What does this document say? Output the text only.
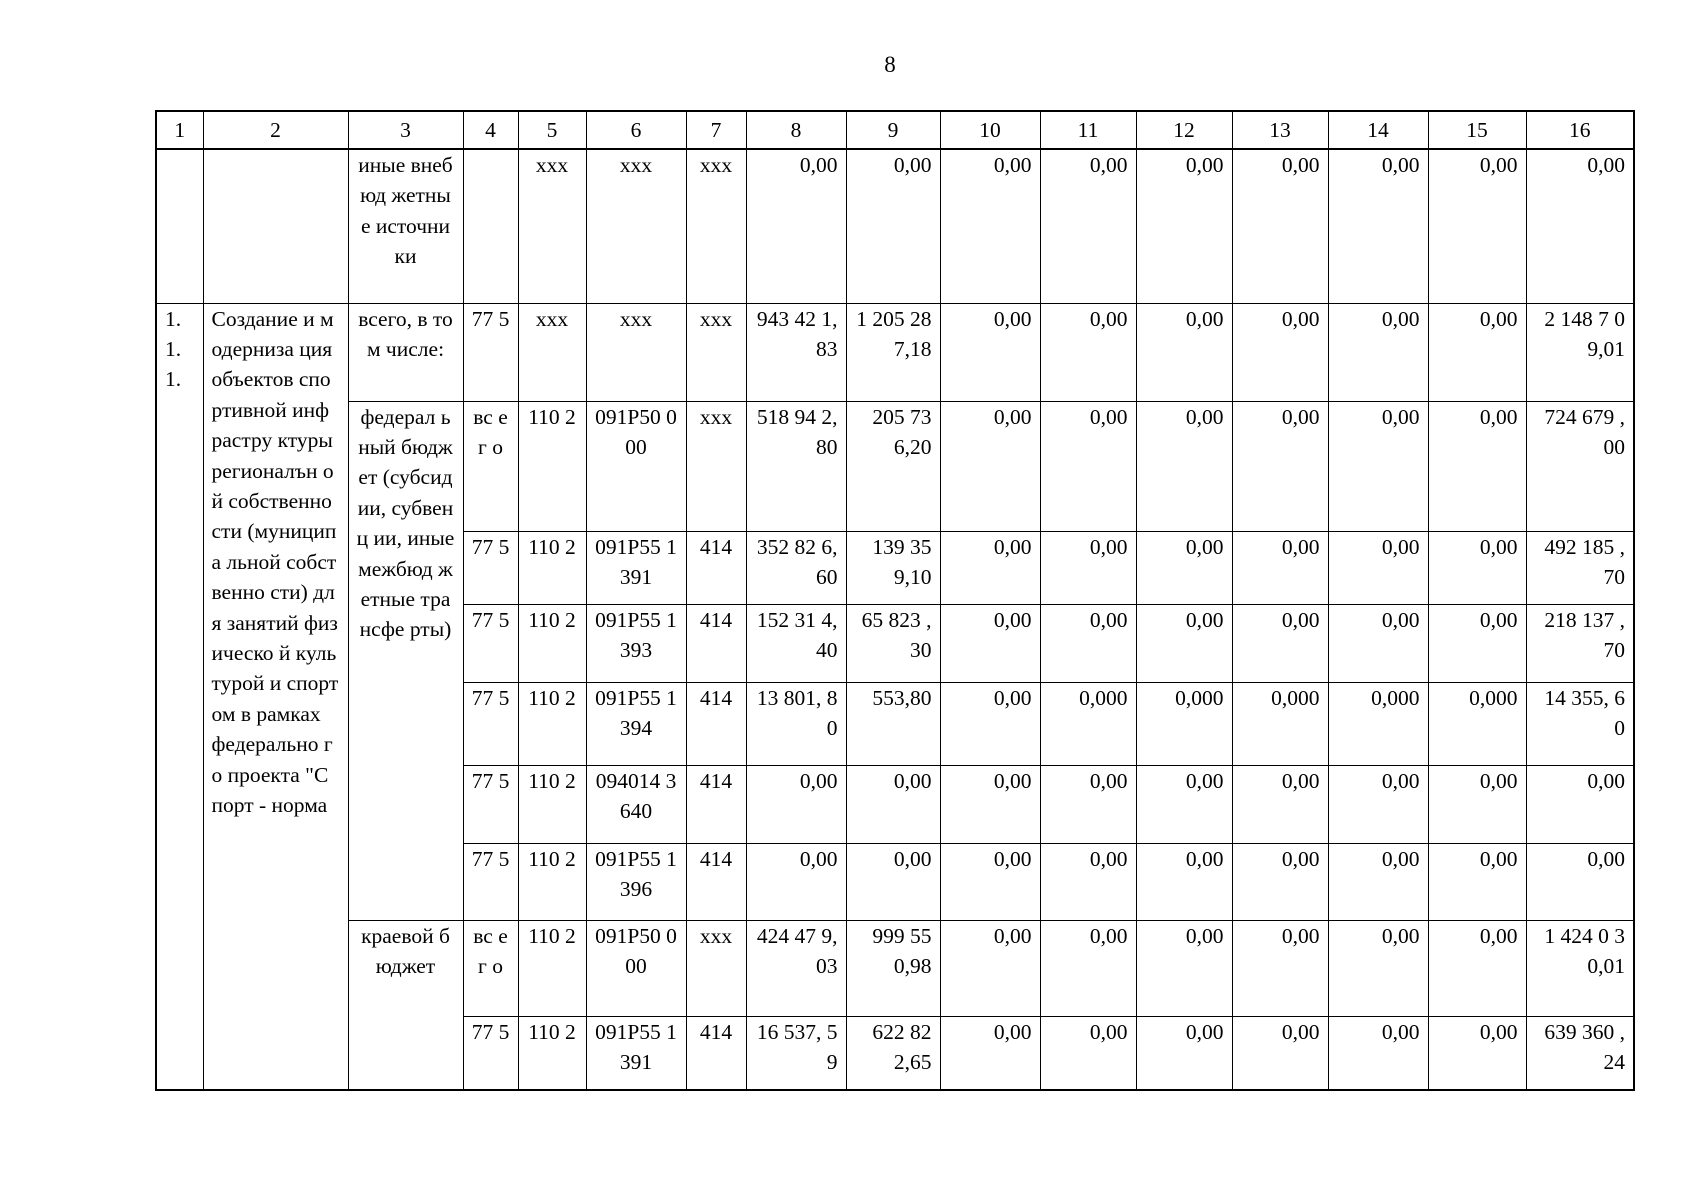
8
1	2	3	4	5	6	7	8	9	10	11	12	13	14	15	16
		иные внебюд жетные источни ки		ххх	ххх	ххх	0,00	0,00	0,00	0,00	0,00	0,00	0,00	0,00	0,00
1. 1. 1.	Создание и модерниза ция объектов спортивной инфрастру ктуры регионалън ой собственно сти (муниципа льной собственно сти) для занятий физическо й культурой и спортом в рамках федерально го проекта "Спорт - норма	всего, в том числе:	77 5	ххх	ххх	ххх	943 42 1,83	1 205 287,18	0,00	0,00	0,00	0,00	0,00	0,00	2 148 7 09,01
		федерал ьный бюджет (субсид ии, субвенц ии, иные межбюд жетные трансфе рты)	вс ег о	110 2	091P50 000	ххх	518 94 2,80	205 73 6,20	0,00	0,00	0,00	0,00	0,00	0,00	724 679 ,00
			77 5	110 2	091P55 1391	414	352 82 6,60	139 35 9,10	0,00	0,00	0,00	0,00	0,00	0,00	492 185 ,70
			77 5	110 2	091P55 1393	414	152 31 4,40	65 823 ,30	0,00	0,00	0,00	0,00	0,00	0,00	218 137 ,70
			77 5	110 2	091P55 1394	414	13 801, 80	553,80	0,00	0,000	0,000	0,000	0,000	0,000	14 355, 60
			77 5	110 2	094014 3640	414	0,00	0,00	0,00	0,00	0,00	0,00	0,00	0,00	0,00
			77 5	110 2	091P55 1396	414	0,00	0,00	0,00	0,00	0,00	0,00	0,00	0,00	0,00
		краевой бюджет	вс ег о	110 2	091P50 000	ххх	424 47 9,03	999 55 0,98	0,00	0,00	0,00	0,00	0,00	0,00	1 424 0 30,01
			77 5	110 2	091P55 1391	414	16 537, 59	622 82 2,65	0,00	0,00	0,00	0,00	0,00	0,00	639 360 ,24
